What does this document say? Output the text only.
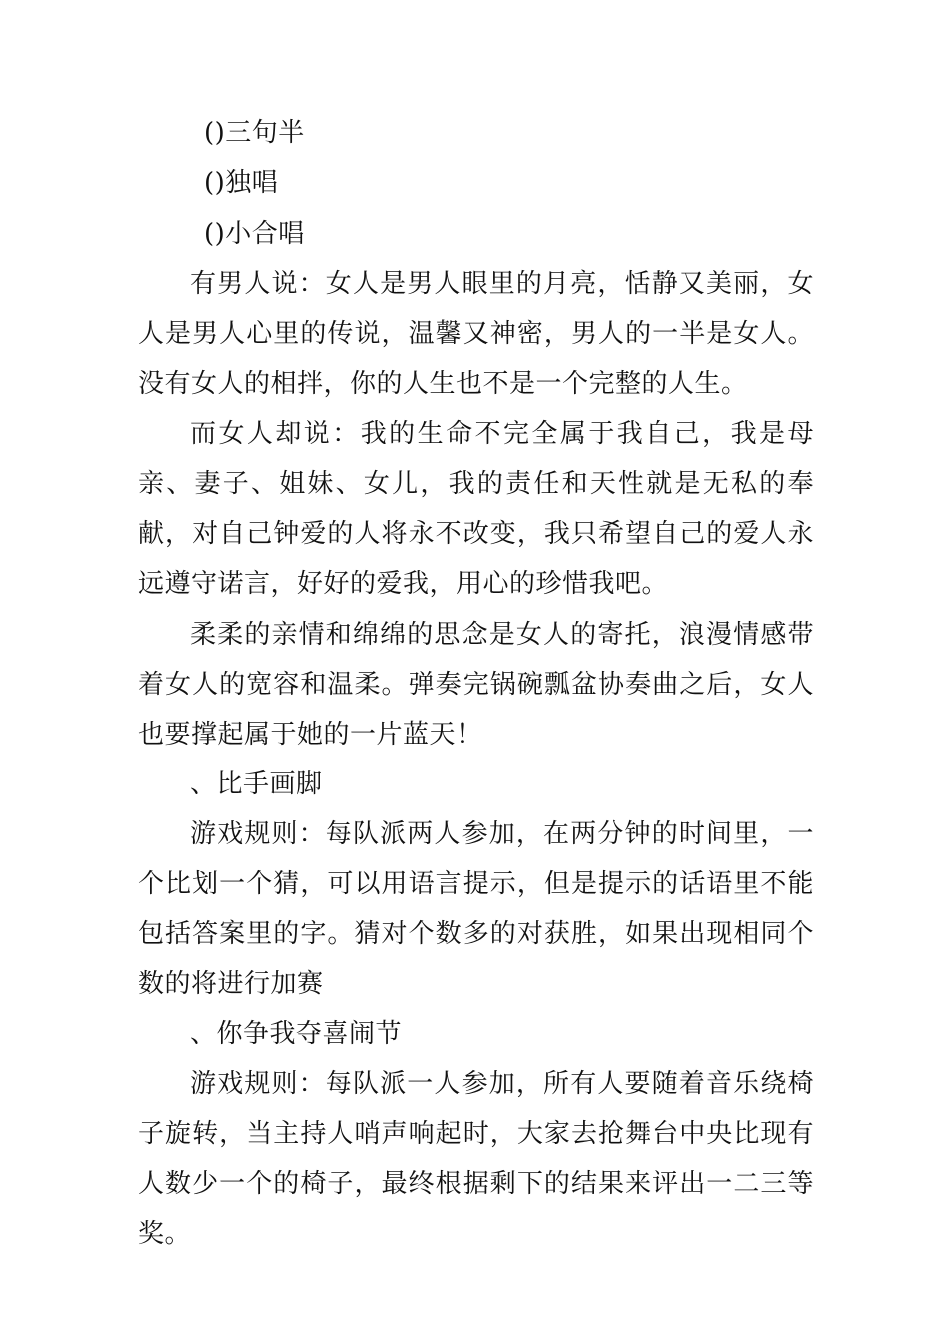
()三句半
()独唱
()小合唱
有男人说：女人是男人眼里的月亮，恬静又美丽，女人是男人心里的传说，温馨又神密，男人的一半是女人。没有女人的相拌，你的人生也不是一个完整的人生。
而女人却说：我的生命不完全属于我自己，我是母亲、妻子、姐妹、女儿，我的责任和天性就是无私的奉献，对自己钟爱的人将永不改变，我只希望自己的爱人永远遵守诺言，好好的爱我，用心的珍惜我吧。
柔柔的亲情和绵绵的思念是女人的寄托，浪漫情感带着女人的宽容和温柔。弹奏完锅碗瓢盆协奏曲之后，女人也要撑起属于她的一片蓝天！
、比手画脚
游戏规则：每队派两人参加，在两分钟的时间里，一个比划一个猜，可以用语言提示，但是提示的话语里不能包括答案里的字。猜对个数多的对获胜，如果出现相同个数的将进行加赛
、你争我夺喜闹节
游戏规则：每队派一人参加，所有人要随着音乐绕椅子旋转，当主持人哨声响起时，大家去抢舞台中央比现有人数少一个的椅子，最终根据剩下的结果来评出一二三等奖。
